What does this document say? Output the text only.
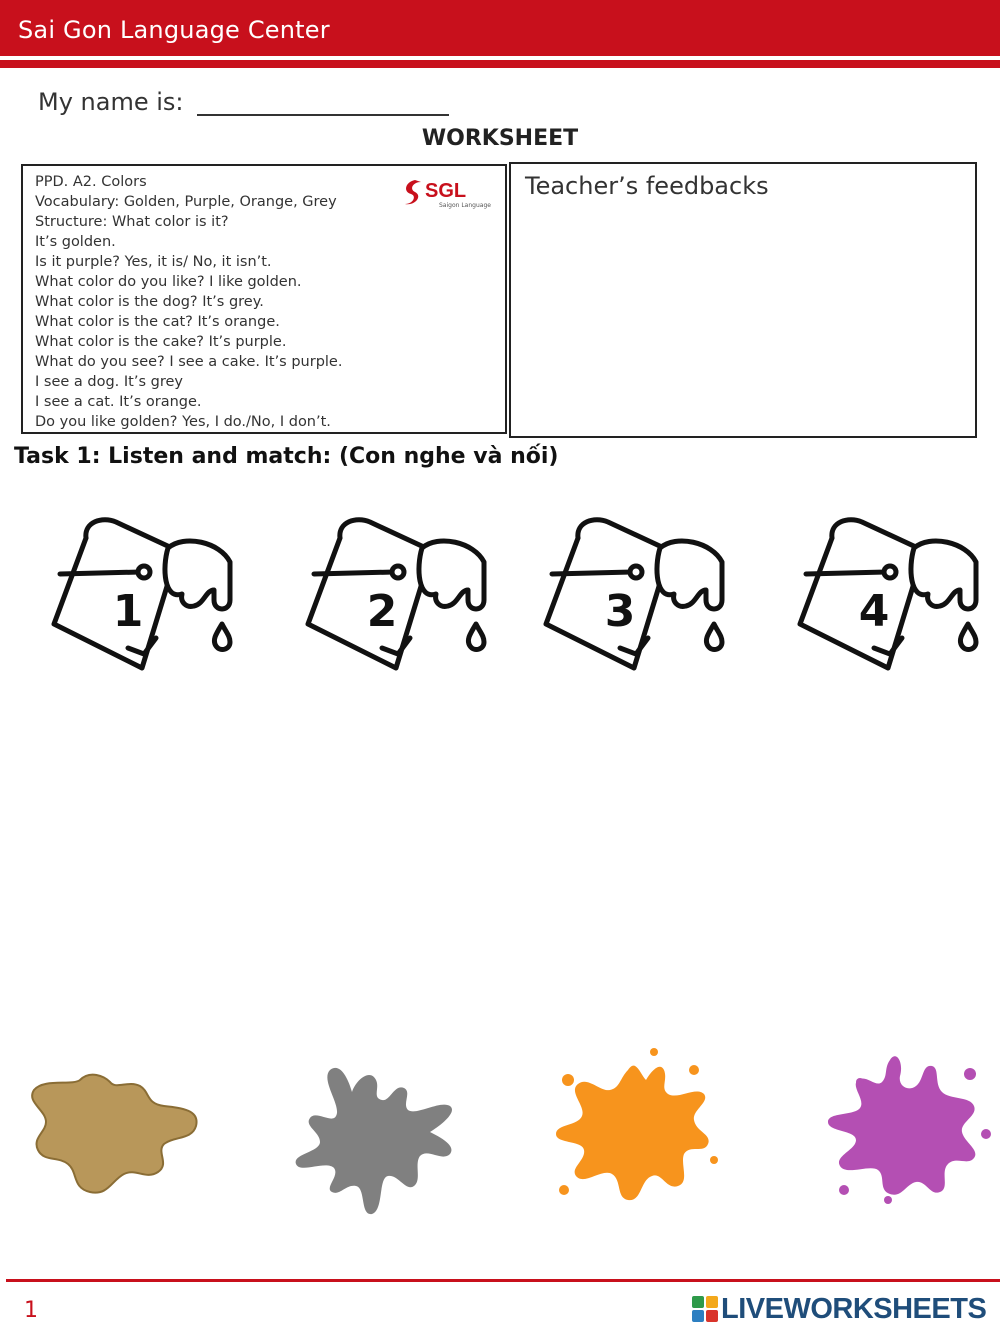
Sai Gon Language Center
My name is:
WORKSHEET
PPD. A2. Colors
Vocabulary: Golden, Purple, Orange, Grey
Structure: What color is it?
It’s golden.
Is it purple? Yes, it is/ No, it isn’t.
What color do you like? I like golden.
What color is the dog? It’s grey.
What color is the cat? It’s orange.
What color is the cake? It’s purple.
What do you see? I see a cake. It’s purple.
I see a dog. It’s grey
I see a cat. It’s orange.
Do you like golden? Yes, I do./No, I don’t.
SGL
Saigon Language
Teacher’s feedbacks
Task 1: Listen and match: (Con nghe và nối)
1	2	3	4
1	LIVEWORKSHEETS
